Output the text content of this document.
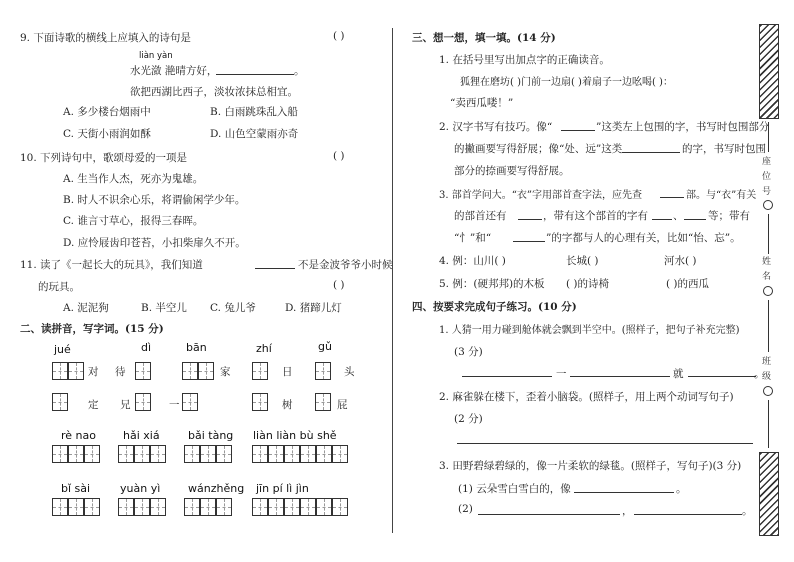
9. 下面诗歌的横线上应填入的诗句是	( )
liàn yàn
水光潋 滟晴方好，	。
欲把西湖比西子，淡妆浓抹总相宜。
A. 多少楼台烟雨中	B. 白雨跳珠乱入船
C. 天街小雨润如酥	D. 山色空蒙雨亦奇
10. 下列诗句中，歌颂母爱的一项是	( )
A. 生当作人杰，死亦为鬼雄。
B. 时人不识余心乐，将谓偷闲学少年。
C. 谁言寸草心，报得三春晖。
D. 应怜屐齿印苍苔，小扣柴扉久不开。
11. 读了《一起长大的玩具》，我们知道	不是金波爷爷小时候
的玩具。	( )
A. 泥泥狗	B. 半空儿 C. 兔儿爷	D. 猪蹄儿灯
二、读拼音，写字词。(15 分)
jué	dì	bān	zhí	gǔ
对 待	家	日	头
定 兄	一	树	屁
rè nao hǎi xiá	bǎi tàng liàn liàn bù shě
bǐ sài	yuàn yì	wánzhěng jīn pí lì jìn
三、想一想，填一填。(14 分)
1. 在括号里写出加点字的正确读音。
狐狸在磨坊( )门前一边扇( )着扇子一边吆喝( )：
“卖西瓜喽！”
2. 汉字书写有技巧。像“	”这类左上包围的字，书写时包围部分
的撇画要写得舒展；像“处、远”这类	的字，书写时包围
部分的捺画要写得舒展。
3. 部首学问大。“衣”字用部首查字法，应先查	部。与“衣”有关
的部首还有	，带有这个部首的字有 、 等；带有
“忄”和“	”的字都与人的心理有关，比如“怡、忘”。
4. 例：山川( )	长城( )	河水( )
5. 例：(硬邦邦)的木板 ( )的诗椅	( )的西瓜
四、按要求完成句子练习。(10 分)
1. 人猜一用力碰到舱体就会飘到半空中。(照样子，把句子补充完整)
(3 分)
一	就	。
2. 麻雀躲在楼下，歪着小脑袋。(照样子，用上两个动词写句子)
(2 分)
3. 田野碧绿碧绿的，像一片柔软的绿毯。(照样子，写句子)(3 分)
(1) 云朵雪白雪白的，像	。
(2)	，	。
座
位
号
姓
名
班
级
